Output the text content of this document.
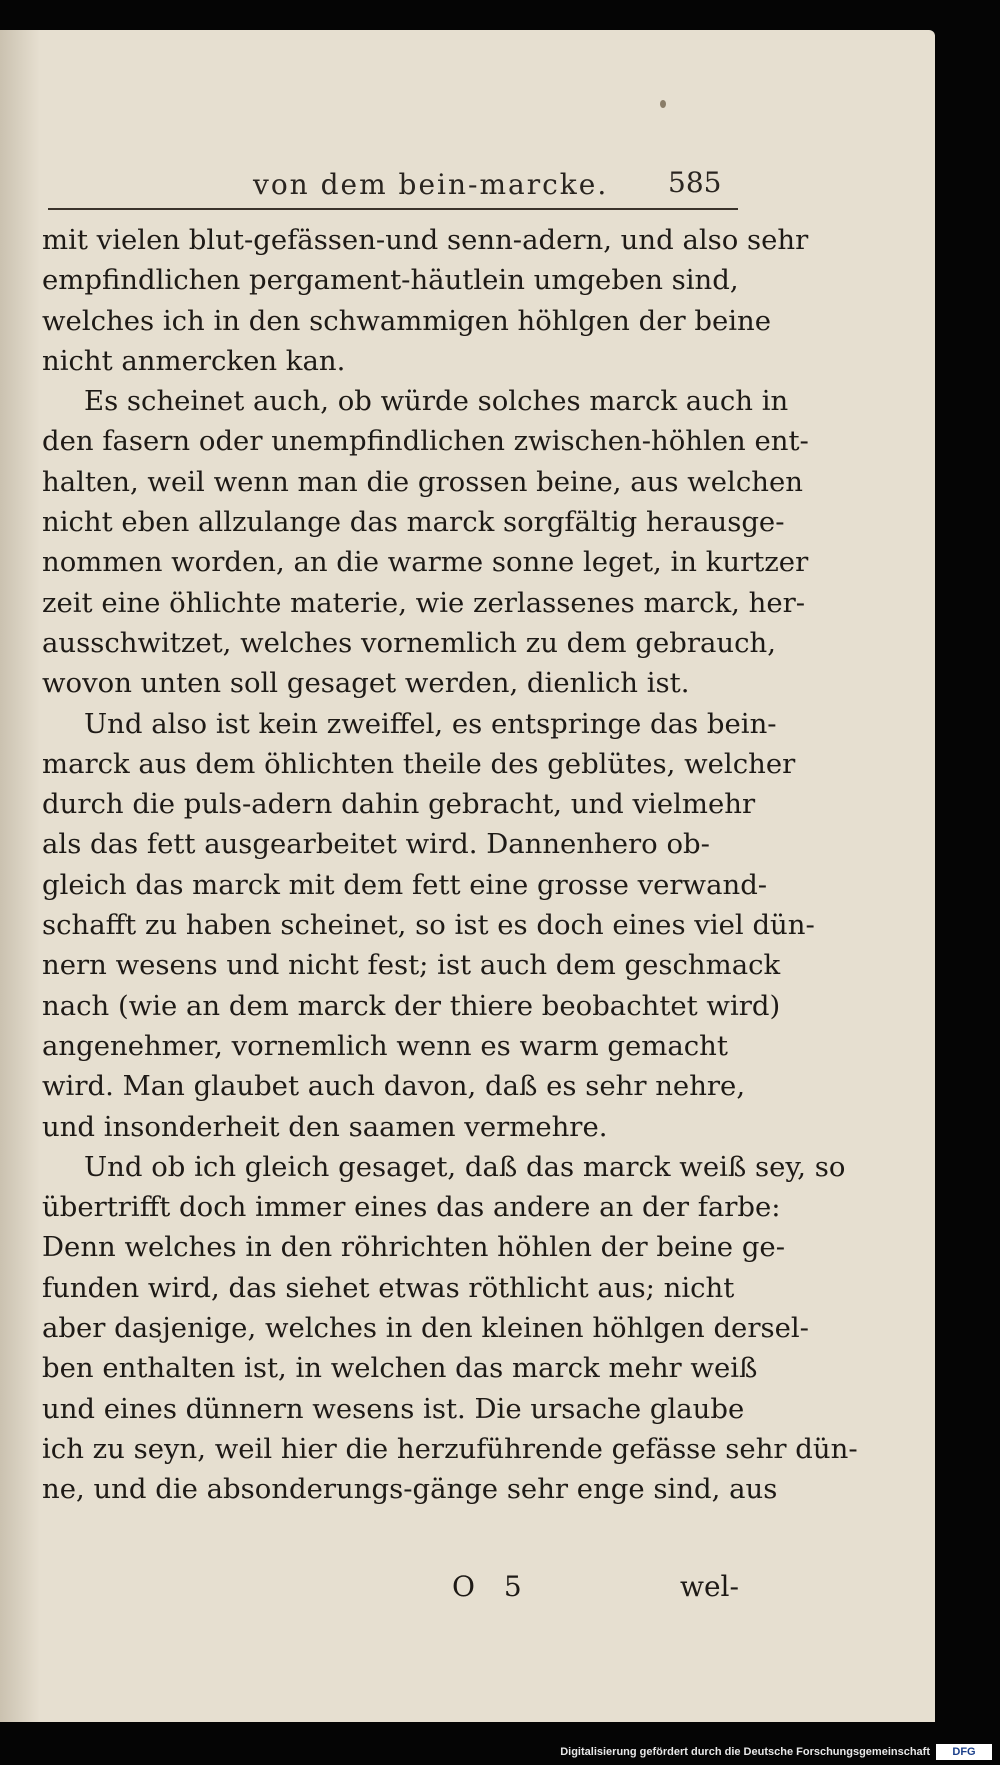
von dem bein-marcke. 585
mit vielen blut-gefässen-und senn-adern, und also sehr
empfindlichen pergament-häutlein umgeben sind,
welches ich in den schwammigen höhlgen der beine
nicht anmercken kan.
Es scheinet auch, ob würde solches marck auch in
den fasern oder unempfindlichen zwischen-höhlen ent-
halten, weil wenn man die grossen beine, aus welchen
nicht eben allzulange das marck sorgfältig herausge-
nommen worden, an die warme sonne leget, in kurtzer
zeit eine öhlichte materie, wie zerlassenes marck, her-
ausschwitzet, welches vornemlich zu dem gebrauch,
wovon unten soll gesaget werden, dienlich ist.
Und also ist kein zweiffel, es entspringe das bein-
marck aus dem öhlichten theile des geblütes, welcher
durch die puls-adern dahin gebracht, und vielmehr
als das fett ausgearbeitet wird. Dannenhero ob-
gleich das marck mit dem fett eine grosse verwand-
schafft zu haben scheinet, so ist es doch eines viel dün-
nern wesens und nicht fest; ist auch dem geschmack
nach (wie an dem marck der thiere beobachtet wird)
angenehmer, vornemlich wenn es warm gemacht
wird. Man glaubet auch davon, daß es sehr nehre,
und insonderheit den saamen vermehre.
Und ob ich gleich gesaget, daß das marck weiß sey, so
übertrifft doch immer eines das andere an der farbe:
Denn welches in den röhrichten höhlen der beine ge-
funden wird, das siehet etwas röthlicht aus; nicht
aber dasjenige, welches in den kleinen höhlgen dersel-
ben enthalten ist, in welchen das marck mehr weiß
und eines dünnern wesens ist. Die ursache glaube
ich zu seyn, weil hier die herzuführende gefässe sehr dün-
ne, und die absonderungs-gänge sehr enge sind, aus
O 5	wel-
Digitalisierung gefördert durch die Deutsche Forschungsgemeinschaft	DFG
